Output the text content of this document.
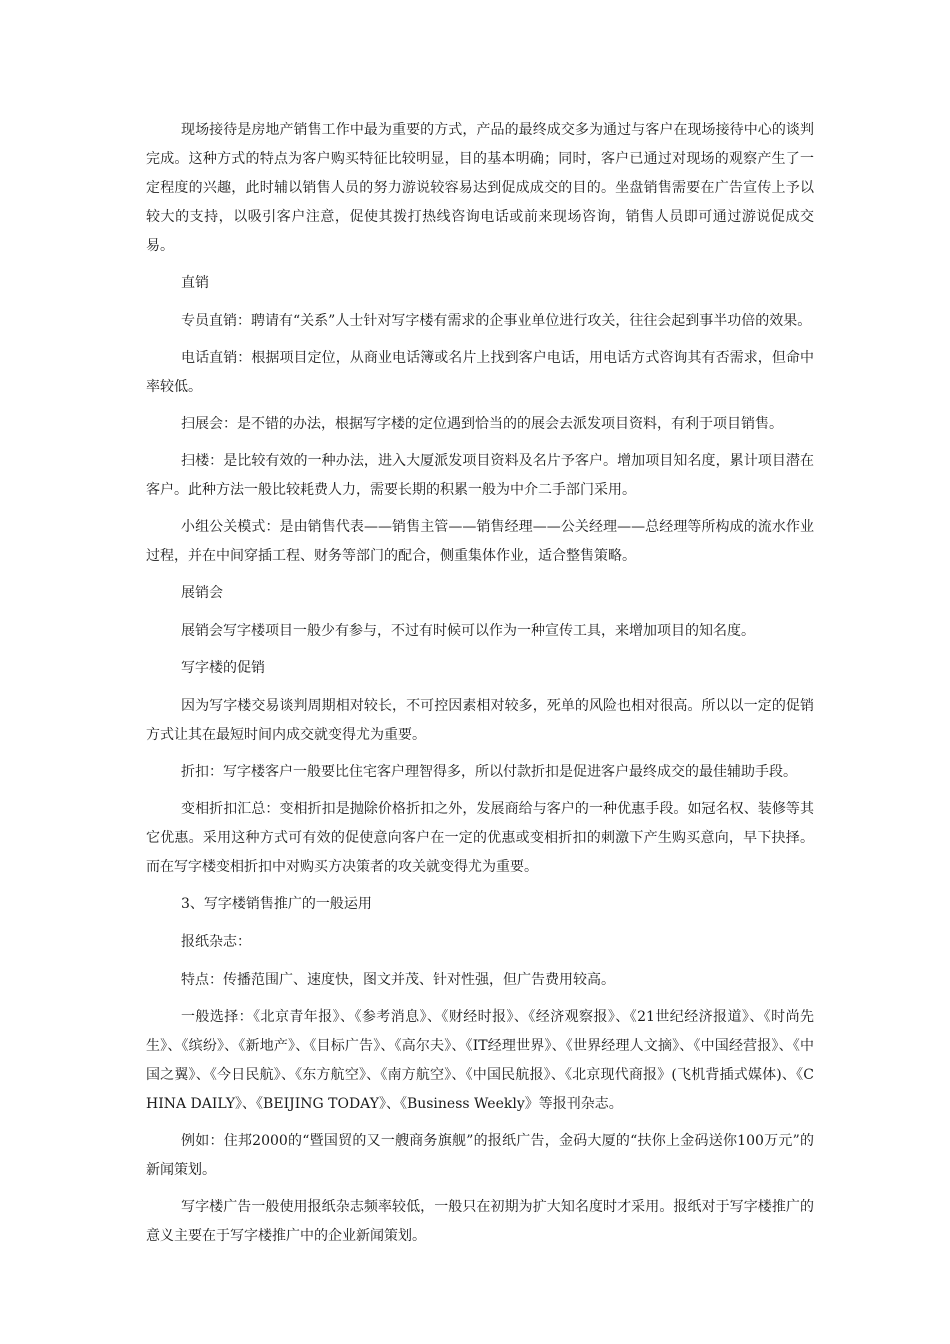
现场接待是房地产销售工作中最为重要的方式，产品的最终成交多为通过与客户在现场接待中心的谈判完成。这种方式的特点为客户购买特征比较明显，目的基本明确；同时，客户已通过对现场的观察产生了一定程度的兴趣，此时辅以销售人员的努力游说较容易达到促成成交的目的。坐盘销售需要在广告宣传上予以较大的支持，以吸引客户注意，促使其拨打热线咨询电话或前来现场咨询，销售人员即可通过游说促成交易。

直销

专员直销：聘请有“关系”人士针对写字楼有需求的企事业单位进行攻关，往往会起到事半功倍的效果。

电话直销：根据项目定位，从商业电话簿或名片上找到客户电话，用电话方式咨询其有否需求，但命中率较低。

扫展会：是不错的办法，根据写字楼的定位遇到恰当的的展会去派发项目资料，有利于项目销售。

扫楼：是比较有效的一种办法，进入大厦派发项目资料及名片予客户。增加项目知名度，累计项目潜在客户。此种方法一般比较耗费人力，需要长期的积累一般为中介二手部门采用。

小组公关模式：是由销售代表——销售主管——销售经理——公关经理——总经理等所构成的流水作业过程，并在中间穿插工程、财务等部门的配合，侧重集体作业，适合整售策略。

展销会

展销会写字楼项目一般少有参与，不过有时候可以作为一种宣传工具，来增加项目的知名度。

写字楼的促销

因为写字楼交易谈判周期相对较长，不可控因素相对较多，死单的风险也相对很高。所以以一定的促销方式让其在最短时间内成交就变得尤为重要。

折扣：写字楼客户一般要比住宅客户理智得多，所以付款折扣是促进客户最终成交的最佳辅助手段。

变相折扣汇总：变相折扣是抛除价格折扣之外，发展商给与客户的一种优惠手段。如冠名权、装修等其它优惠。采用这种方式可有效的促使意向客户在一定的优惠或变相折扣的刺激下产生购买意向，早下抉择。而在写字楼变相折扣中对购买方决策者的攻关就变得尤为重要。

3、写字楼销售推广的一般运用

报纸杂志：

特点：传播范围广、速度快，图文并茂、针对性强，但广告费用较高。

一般选择：《北京青年报》、《参考消息》、《财经时报》、《经济观察报》、《21世纪经济报道》、《时尚先生》、《缤纷》、《新地产》、《目标广告》、《高尔夫》、《IT经理世界》、《世界经理人文摘》、《中国经营报》、《中国之翼》、《今日民航》、《东方航空》、《南方航空》、《中国民航报》、《北京现代商报》(飞机背插式媒体)、《CHINA DAILY》、《BEIJING TODAY》、《Business Weekly》等报刊杂志。

例如：住邦2000的“暨国贸的又一艘商务旗舰”的报纸广告，金码大厦的“扶你上金码送你100万元”的新闻策划。

写字楼广告一般使用报纸杂志频率较低，一般只在初期为扩大知名度时才采用。报纸对于写字楼推广的意义主要在于写字楼推广中的企业新闻策划。
